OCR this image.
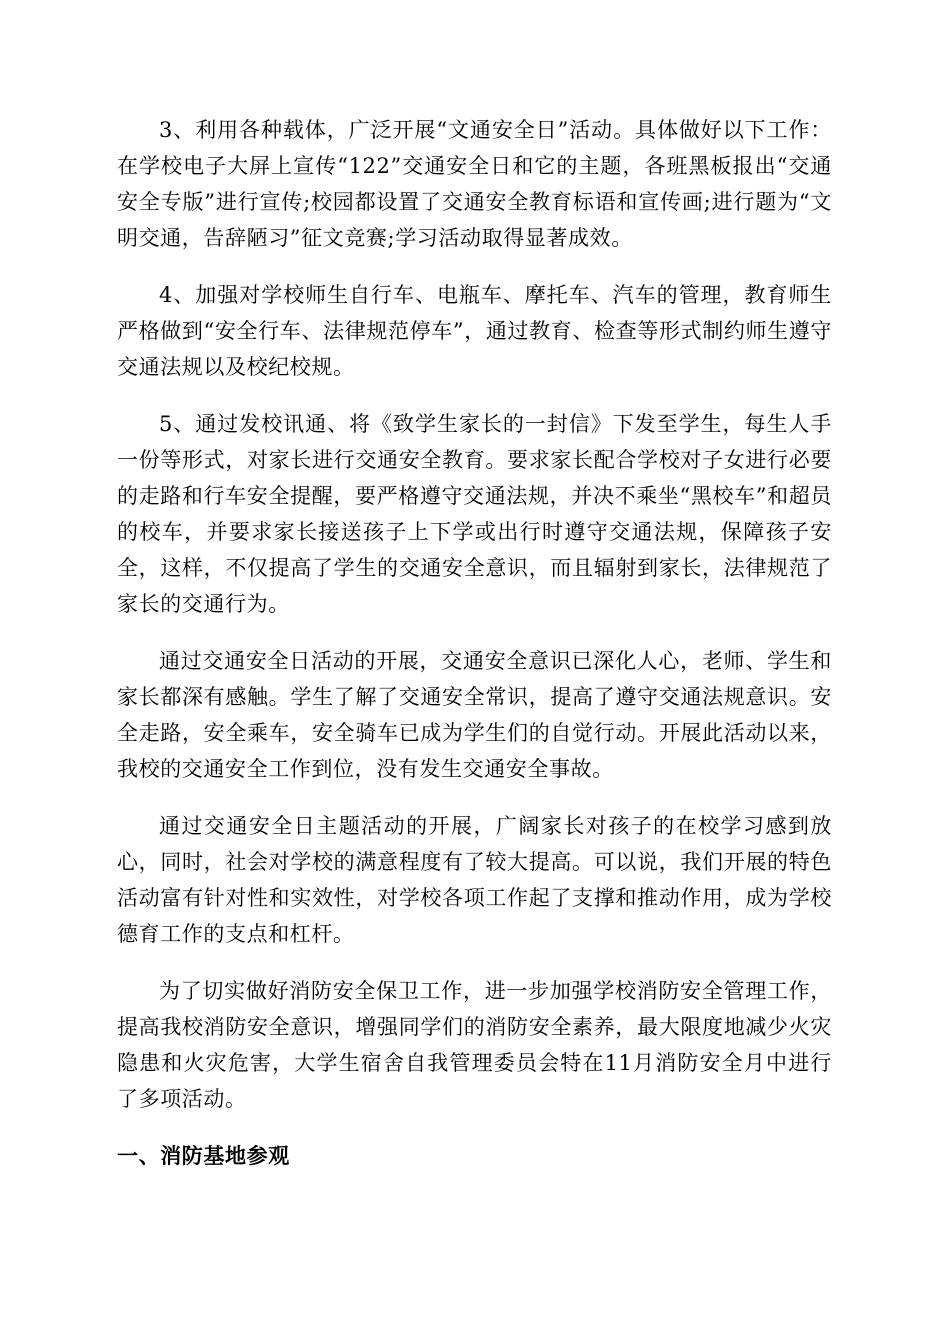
3、利用各种载体，广泛开展“文通安全日”活动。具体做好以下工作：在学校电子大屏上宣传“122”交通安全日和它的主题，各班黑板报出“交通安全专版”进行宣传;校园都设置了交通安全教育标语和宣传画;进行题为“文明交通，告辞陋习”征文竞赛;学习活动取得显著成效。

4、加强对学校师生自行车、电瓶车、摩托车、汽车的管理，教育师生严格做到“安全行车、法律规范停车”，通过教育、检查等形式制约师生遵守交通法规以及校纪校规。

5、通过发校讯通、将《致学生家长的一封信》下发至学生，每生人手一份等形式，对家长进行交通安全教育。要求家长配合学校对子女进行必要的走路和行车安全提醒，要严格遵守交通法规，并决不乘坐“黑校车”和超员的校车，并要求家长接送孩子上下学或出行时遵守交通法规，保障孩子安全，这样，不仅提高了学生的交通安全意识，而且辐射到家长，法律规范了家长的交通行为。

通过交通安全日活动的开展，交通安全意识已深化人心，老师、学生和家长都深有感触。学生了解了交通安全常识，提高了遵守交通法规意识。安全走路，安全乘车，安全骑车已成为学生们的自觉行动。开展此活动以来，我校的交通安全工作到位，没有发生交通安全事故。

通过交通安全日主题活动的开展，广阔家长对孩子的在校学习感到放心，同时，社会对学校的满意程度有了较大提高。可以说，我们开展的特色活动富有针对性和实效性，对学校各项工作起了支撑和推动作用，成为学校德育工作的支点和杠杆。

为了切实做好消防安全保卫工作，进一步加强学校消防安全管理工作，提高我校消防安全意识，增强同学们的消防安全素养，最大限度地减少火灾隐患和火灾危害，大学生宿舍自我管理委员会特在11月消防安全月中进行了多项活动。

一、消防基地参观
